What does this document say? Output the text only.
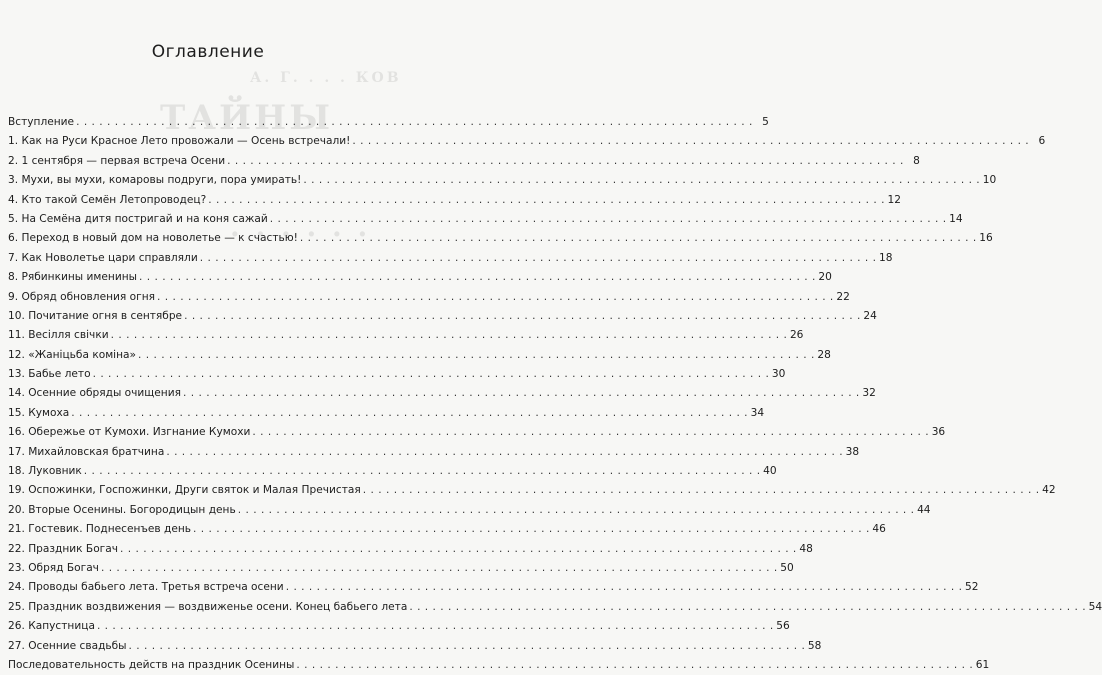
А. Г. . . . КОВ
ТАЙНЫ
. . . . . .
Оглавление
Вступление . . .	5
1. Как на Руси Красное Лето провожали — Осень встречали! . . .	6
2. 1 сентября — первая встреча Осени . . .	8
3. Мухи, вы мухи, комаровы подруги, пора умирать! . . .	10
4. Кто такой Семён Летопроводец? . . .	12
5. На Семёна дитя постригай и на коня сажай . . .	14
6. Переход в новый дом на новолетье — к счастью! . . .	16
7. Как Новолетье цари справляли . . .	18
8. Рябинкины именины . . .	20
9. Обряд обновления огня . . .	22
10. Почитание огня в сентябре . . .	24
11. Весілля свічки . . .	26
12. «Жаніцьба коміна» . . .	28
13. Бабье лето . . .	30
14. Осенние обряды очищения . . .	32
15. Кумоха . . .	34
16. Обережье от Кумохи. Изгнание Кумохи . . .	36
17. Михайловская братчина . . .	38
18. Луковник . . .	40
19. Оспожинки, Госпожинки, Други святок и Малая Пречистая . . .	42
20. Вторые Осенины. Богородицын день . . .	44
21. Гостевик. Поднесенъев день . . .	46
22. Праздник Богач . . .	48
23. Обряд Богач . . .	50
24. Проводы бабьего лета. Третья встреча осени . . .	52
25. Праздник воздвижения — воздвиженье осени. Конец бабьего лета . . .	54
26. Капустница . . .	56
27. Осенние свадьбы . . .	58
Последовательность действ на праздник Осенины . . .	61
